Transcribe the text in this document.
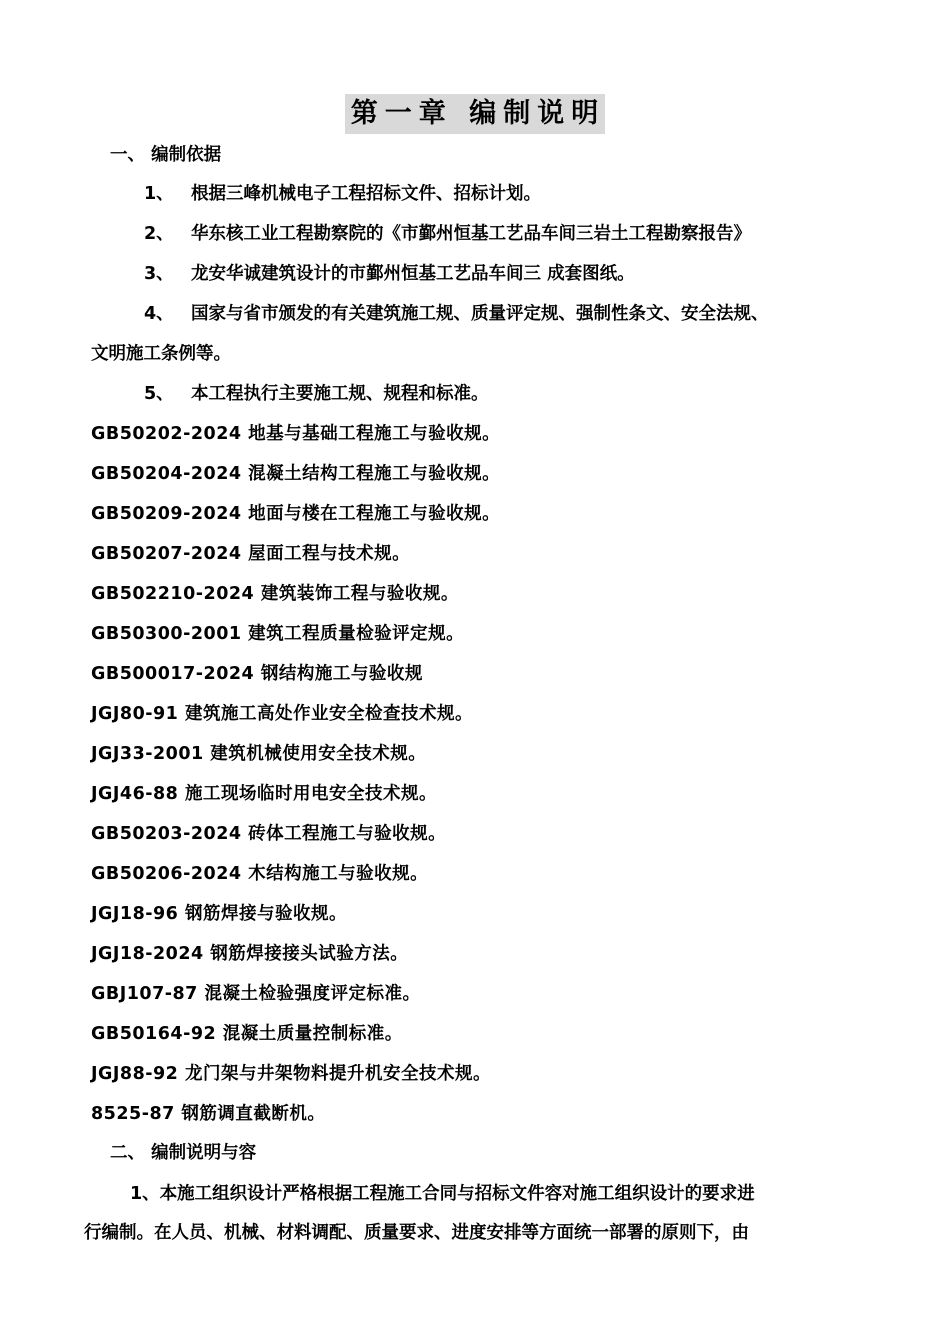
第一章 编制说明
一、 编制依据
1、 根据三峰机械电子工程招标文件、招标计划。
2、 华东核工业工程勘察院的《市鄞州恒基工艺品车间三岩土工程勘察报告》
3、 龙安华诚建筑设计的市鄞州恒基工艺品车间三 成套图纸。
4、 国家与省市颁发的有关建筑施工规、质量评定规、强制性条文、安全法规、
文明施工条例等。
5、 本工程执行主要施工规、规程和标准。
GB50202-2024 地基与基础工程施工与验收规。
GB50204-2024 混凝土结构工程施工与验收规。
GB50209-2024 地面与楼在工程施工与验收规。
GB50207-2024 屋面工程与技术规。
GB502210-2024 建筑装饰工程与验收规。
GB50300-2001 建筑工程质量检验评定规。
GB500017-2024 钢结构施工与验收规
JGJ80-91 建筑施工高处作业安全检查技术规。
JGJ33-2001 建筑机械使用安全技术规。
JGJ46-88 施工现场临时用电安全技术规。
GB50203-2024 砖体工程施工与验收规。
GB50206-2024 木结构施工与验收规。
JGJ18-96 钢筋焊接与验收规。
JGJ18-2024 钢筋焊接接头试验方法。
GBJ107-87 混凝土检验强度评定标准。
GB50164-92 混凝土质量控制标准。
JGJ88-92 龙门架与井架物料提升机安全技术规。
8525-87 钢筋调直截断机。
二、 编制说明与容
1、本施工组织设计严格根据工程施工合同与招标文件容对施工组织设计的要求进
行编制。在人员、机械、材料调配、质量要求、进度安排等方面统一部署的原则下，由
